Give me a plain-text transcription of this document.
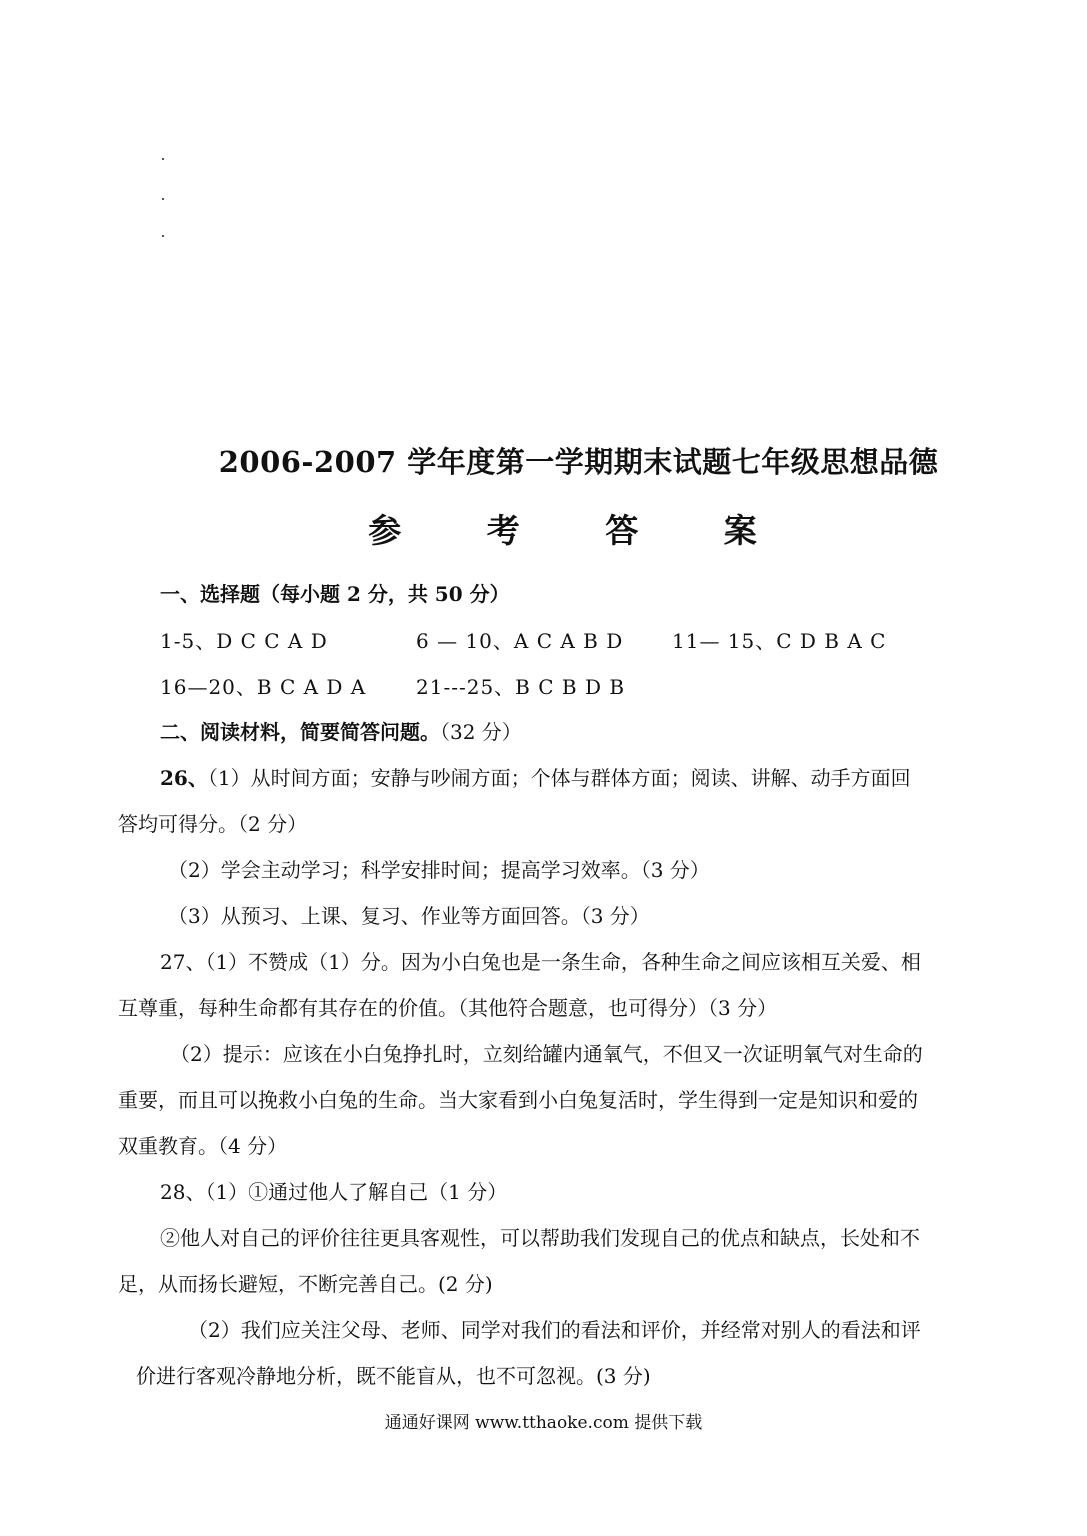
2006-2007 学年度第一学期期末试题七年级思想品德
参 考 答 案
一、选择题（每小题 2 分，共 50 分）
1-5、D C C A D	6 — 10、A C A B D 11— 15、C D B A C
16—20、B C A D A 21---25、B C B D B
二、阅读材料，简要简答问题。（32 分）
26、（1）从时间方面；安静与吵闹方面；个体与群体方面；阅读、讲解、动手方面回
答均可得分。（2 分）
（2）学会主动学习；科学安排时间；提高学习效率。（3 分）
（3）从预习、上课、复习、作业等方面回答。（3 分）
27、（1）不赞成（1）分。因为小白兔也是一条生命，各种生命之间应该相互关爱、相
互尊重，每种生命都有其存在的价值。（其他符合题意，也可得分）（3 分）
（2）提示：应该在小白兔挣扎时，立刻给罐内通氧气，不但又一次证明氧气对生命的
重要，而且可以挽救小白兔的生命。当大家看到小白兔复活时，学生得到一定是知识和爱的
双重教育。（4 分）
28、（1）①通过他人了解自己（1 分）
②他人对自己的评价往往更具客观性，可以帮助我们发现自己的优点和缺点，长处和不
足，从而扬长避短，不断完善自己。(2 分)
（2）我们应关注父母、老师、同学对我们的看法和评价，并经常对别人的看法和评
价进行客观冷静地分析，既不能盲从，也不可忽视。(3 分)
通通好课网 www.tthaoke.com 提供下载
